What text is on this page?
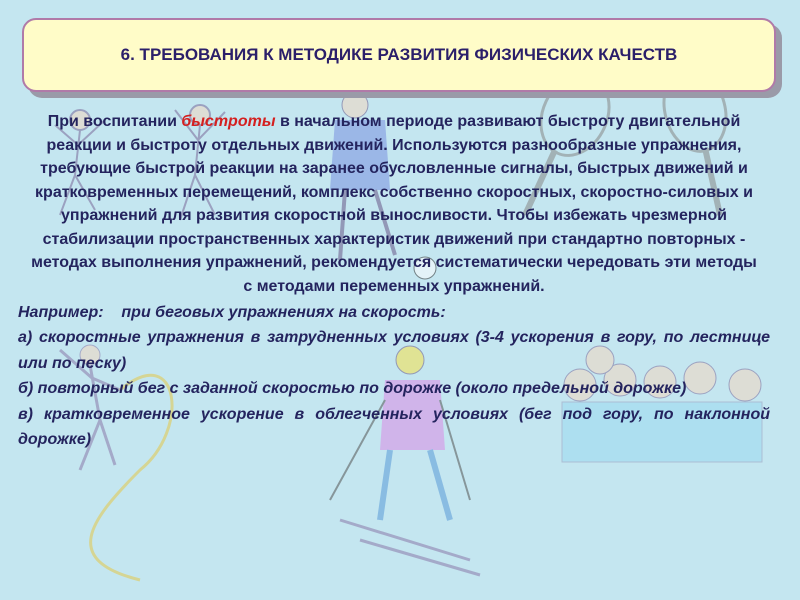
6. ТРЕБОВАНИЯ К МЕТОДИКЕ РАЗВИТИЯ ФИЗИЧЕСКИХ КАЧЕСТВ

При воспитании быстроты в начальном периоде развивают быстроту двигательной реакции и быстроту отдельных движений. Используются разнообразные упражнения, требующие быстрой реакции на заранее обусловленные сигналы, быстрых движений и кратковременных перемещений, комплекс собственно скоростных, скоростно-силовых и упражнений для развития скоростной выносливости. Чтобы избежать чрезмерной стабилизации пространственных характеристик движений при стандартно повторных - методах выполнения упражнений, рекомендуется систематически чередовать эти методы с методами переменных упражнений.

Например:    при беговых упражнениях на скорость:

а) скоростные упражнения в затрудненных условиях (3-4 ускорения в гору, по лестнице или по песку)

б) повторный бег с заданной скоростью по дорожке (около предельной дорожке)

в) кратковременное ускорение в облегченных условиях (бег под гору, по наклонной дорожке)
